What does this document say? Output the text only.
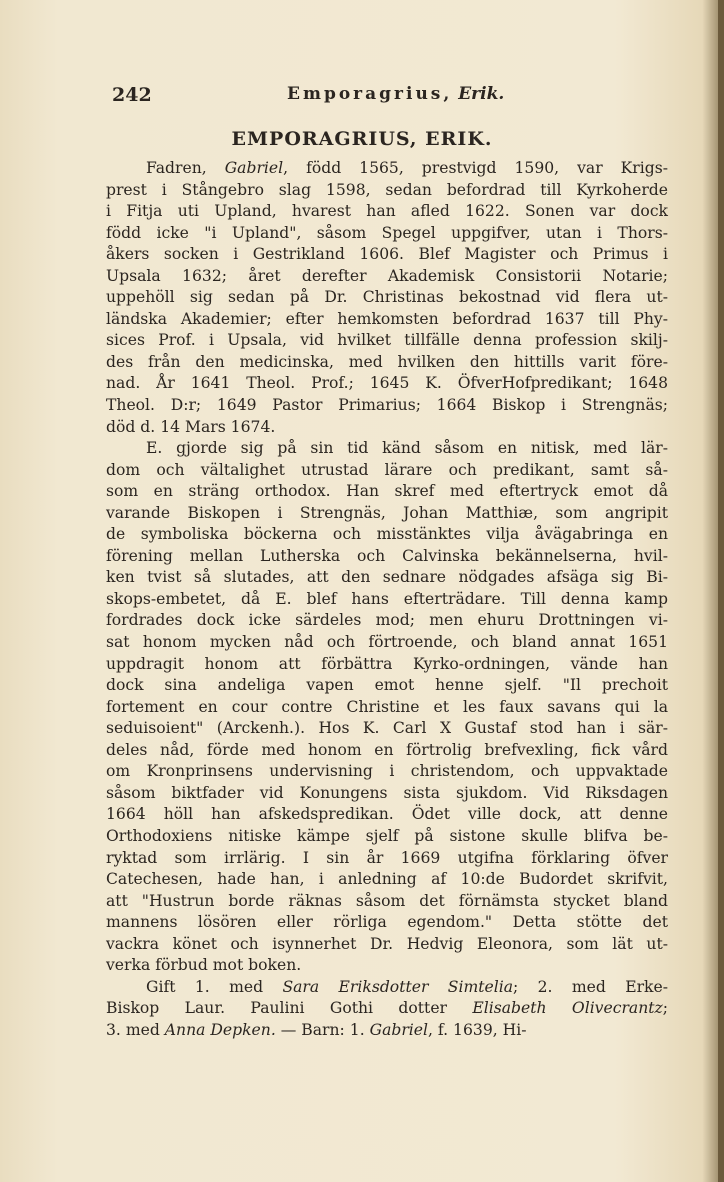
242	Emporagrius, Erik.
EMPORAGRIUS, ERIK.
Fadren, Gabriel, född 1565, prestvigd 1590, var Krigs-
prest i Stångebro slag 1598, sedan befordrad till Kyrkoherde
i Fitja uti Upland, hvarest han afled 1622. Sonen var dock
född icke "i Upland", såsom Spegel uppgifver, utan i Thors-
åkers socken i Gestrikland 1606. Blef Magister och Primus i
Upsala 1632; året derefter Akademisk Consistorii Notarie;
uppehöll sig sedan på Dr. Christinas bekostnad vid flera ut-
ländska Akademier; efter hemkomsten befordrad 1637 till Phy-
sices Prof. i Upsala, vid hvilket tillfälle denna profession skilj-
des från den medicinska, med hvilken den hittills varit före-
nad. År 1641 Theol. Prof.; 1645 K. ÖfverHofpredikant; 1648
Theol. D:r; 1649 Pastor Primarius; 1664 Biskop i Strengnäs;
död d. 14 Mars 1674.
E. gjorde sig på sin tid känd såsom en nitisk, med lär-
dom och vältalighet utrustad lärare och predikant, samt så-
som en sträng orthodox. Han skref med eftertryck emot då
varande Biskopen i Strengnäs, Johan Matthiæ, som angripit
de symboliska böckerna och misstänktes vilja åvägabringa en
förening mellan Lutherska och Calvinska bekännelserna, hvil-
ken tvist så slutades, att den sednare nödgades afsäga sig Bi-
skops-embetet, då E. blef hans efterträdare. Till denna kamp
fordrades dock icke särdeles mod; men ehuru Drottningen vi-
sat honom mycken nåd och förtroende, och bland annat 1651
uppdragit honom att förbättra Kyrko-ordningen, vände han
dock sina andeliga vapen emot henne sjelf. "Il prechoit
fortement en cour contre Christine et les faux savans qui la
seduisoient" (Arckenh.). Hos K. Carl X Gustaf stod han i sär-
deles nåd, förde med honom en förtrolig brefvexling, fick vård
om Kronprinsens undervisning i christendom, och uppvaktade
såsom biktfader vid Konungens sista sjukdom. Vid Riksdagen
1664 höll han afskedspredikan. Ödet ville dock, att denne
Orthodoxiens nitiske kämpe sjelf på sistone skulle blifva be-
ryktad som irrlärig. I sin år 1669 utgifna förklaring öfver
Catechesen, hade han, i anledning af 10:de Budordet skrifvit,
att "Hustrun borde räknas såsom det förnämsta stycket bland
mannens lösören eller rörliga egendom." Detta stötte det
vackra könet och isynnerhet Dr. Hedvig Eleonora, som lät ut-
verka förbud mot boken.
Gift 1. med Sara Eriksdotter Simtelia; 2. med Erke-
Biskop Laur. Paulini Gothi dotter Elisabeth Olivecrantz;
3. med Anna Depken. — Barn: 1. Gabriel, f. 1639, Hi-
